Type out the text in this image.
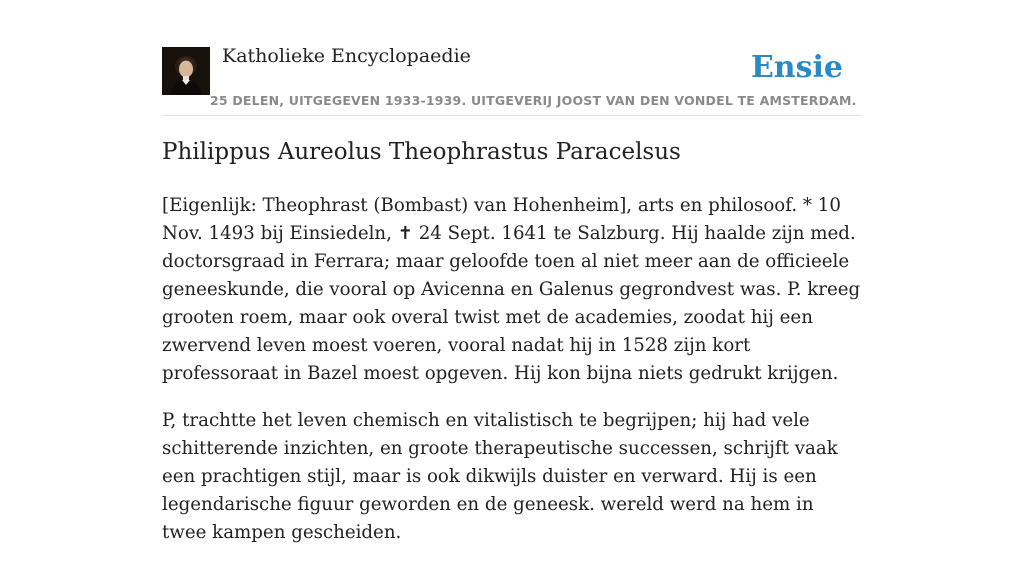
Katholieke Encyclopaedie
25 DELEN, UITGEGEVEN 1933-1939. UITGEVERIJ JOOST VAN DEN VONDEL TE AMSTERDAM.
Ensie
Philippus Aureolus Theophrastus Paracelsus

[Eigenlijk: Theophrast (Bombast) van Hohenheim], arts en philosoof. * 10 Nov. 1493 bij Einsiedeln, ✝ 24 Sept. 1641 te Salzburg. Hij haalde zijn med. doctorsgraad in Ferrara; maar geloofde toen al niet meer aan de officieele geneeskunde, die vooral op Avicenna en Galenus gegrondvest was. P. kreeg grooten roem, maar ook overal twist met de academies, zoodat hij een zwervend leven moest voeren, vooral nadat hij in 1528 zijn kort professoraat in Bazel moest opgeven. Hij kon bijna niets gedrukt krijgen.

P, trachtte het leven chemisch en vitalistisch te begrijpen; hij had vele schitterende inzichten, en groote therapeutische successen, schrijft vaak een prachtigen stijl, maar is ook dikwijls duister en verward. Hij is een legendarische figuur geworden en de geneesk. wereld werd na hem in twee kampen gescheiden.
